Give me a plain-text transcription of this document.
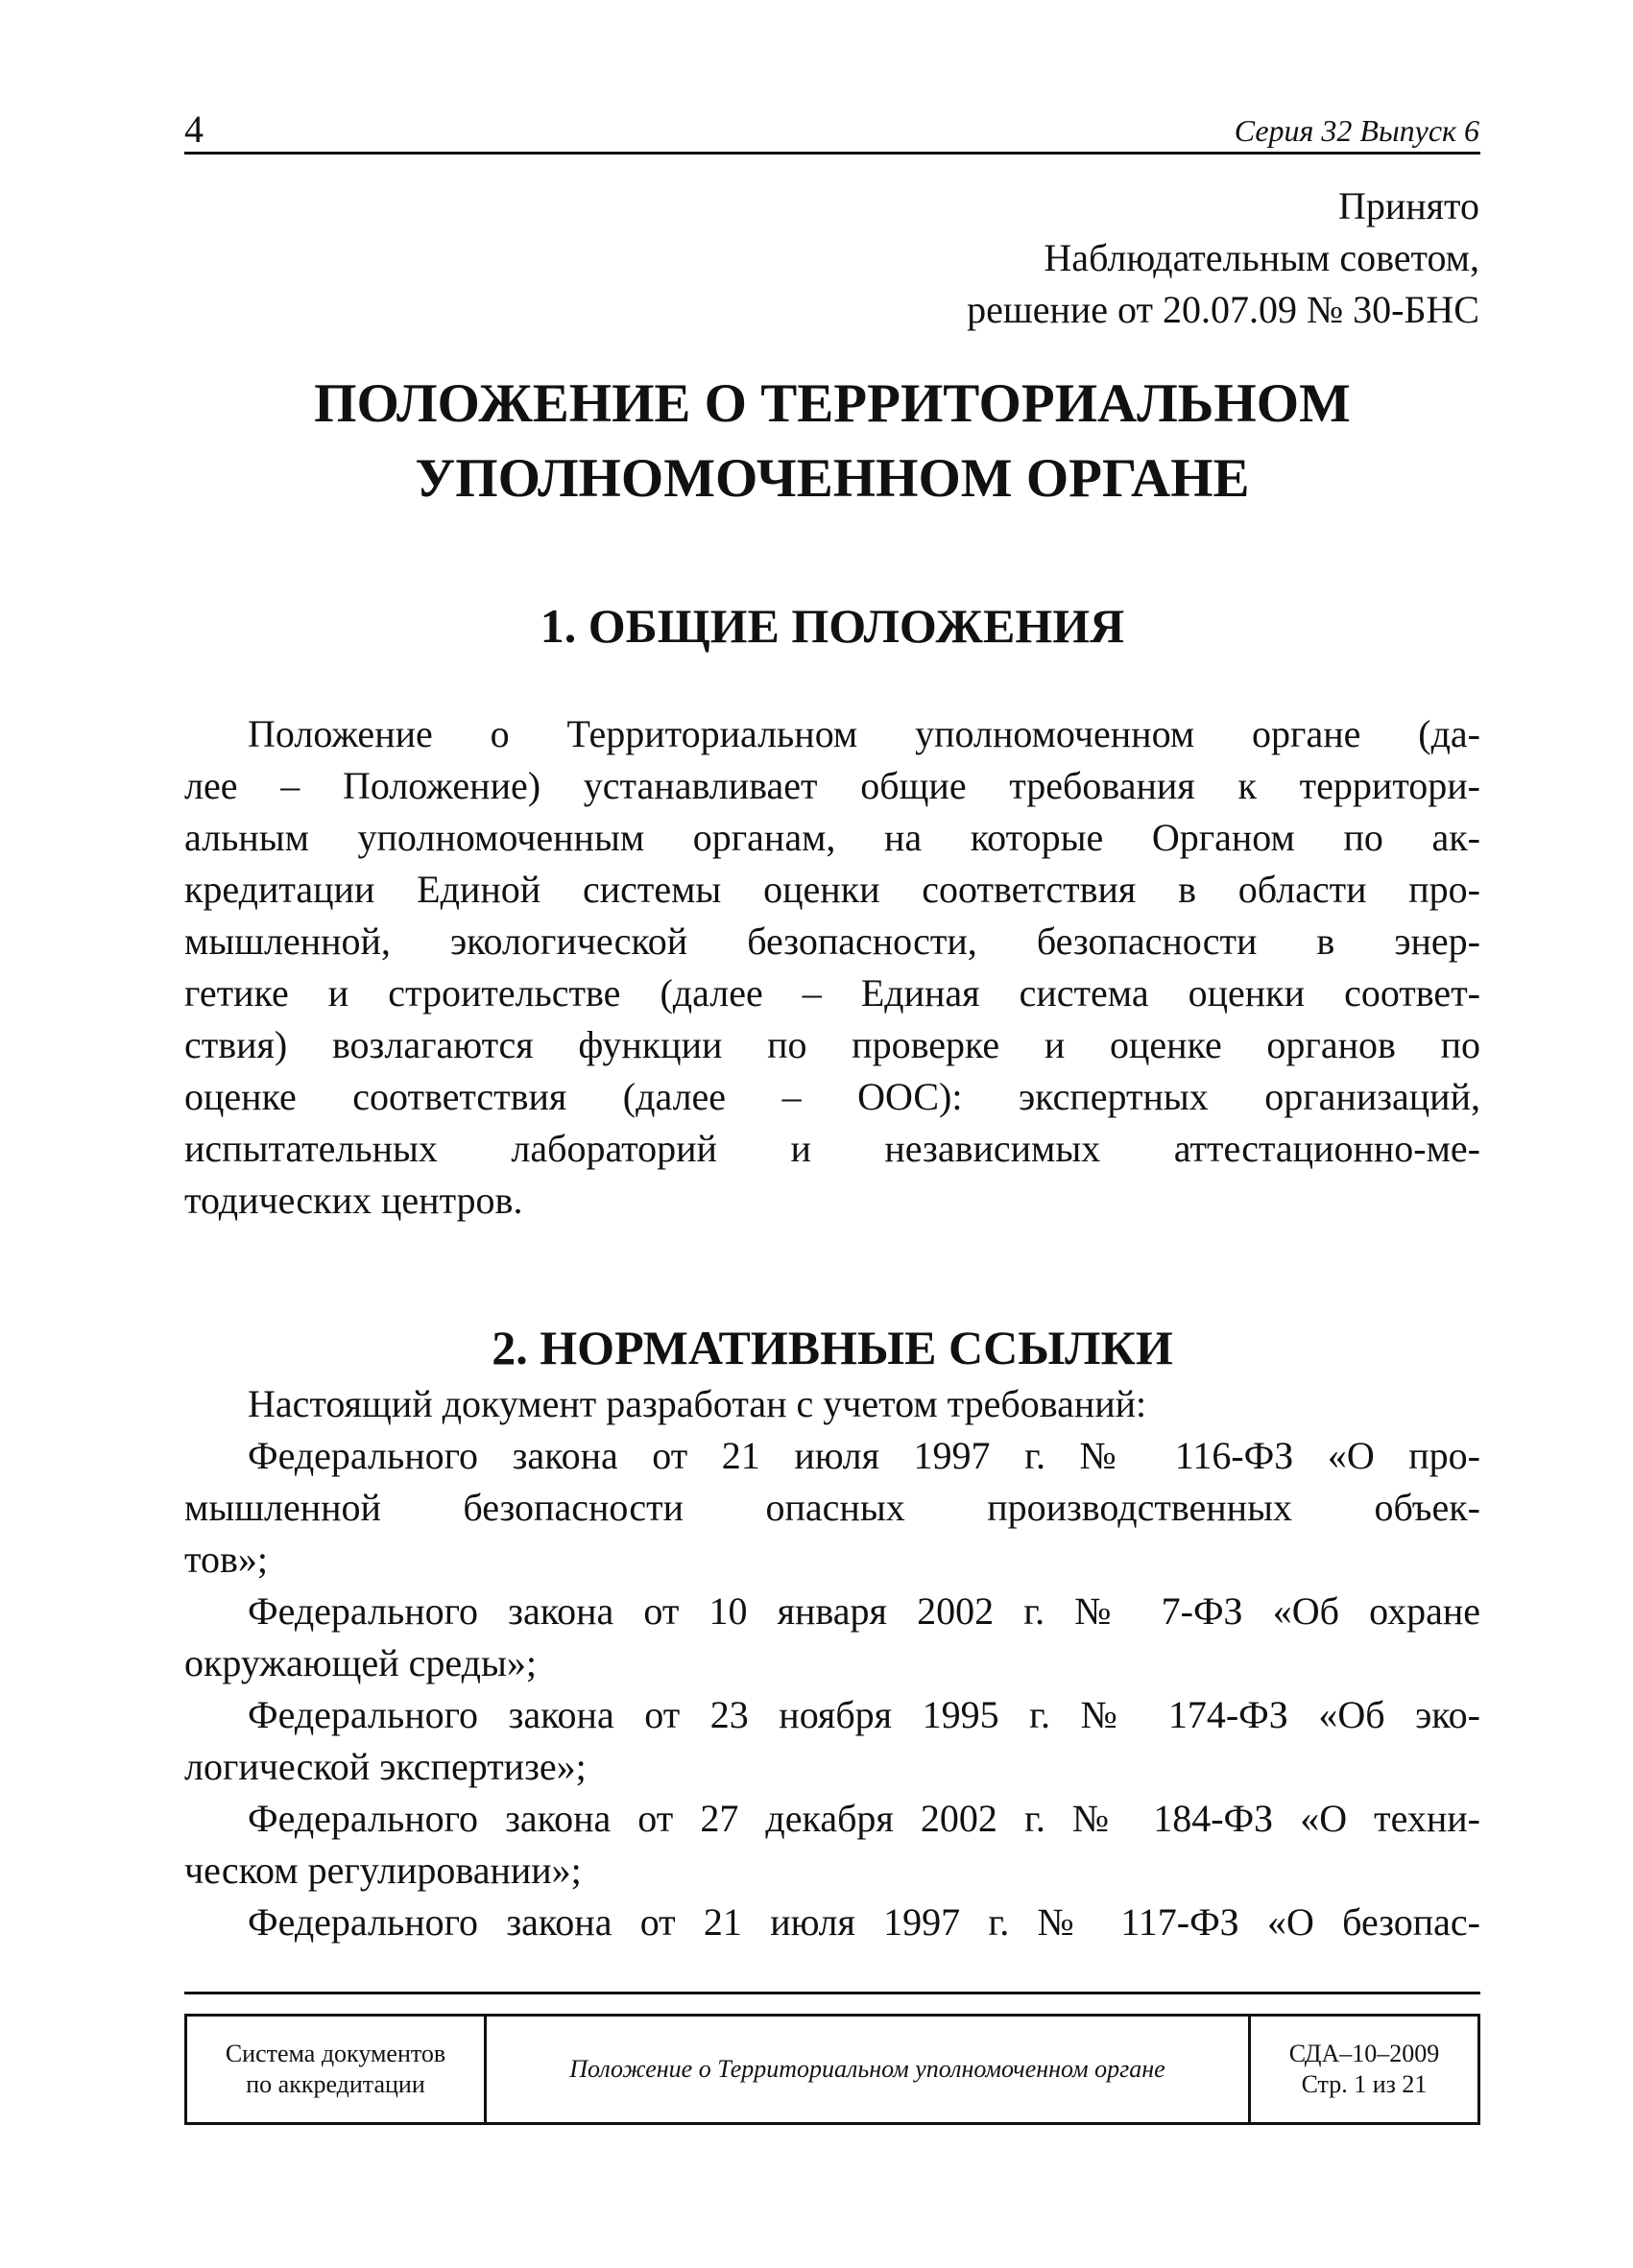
4	Серия 32 Выпуск 6
Принято
Наблюдательным советом,
решение от 20.07.09 № 30-БНС
ПОЛОЖЕНИЕ О ТЕРРИТОРИАЛЬНОМ
УПОЛНОМОЧЕННОМ ОРГАНЕ
1. ОБЩИЕ ПОЛОЖЕНИЯ
Положение о Территориальном уполномоченном органе (да-
лее – Положение) устанавливает общие требования к территори-
альным уполномоченным органам, на которые Органом по ак-
кредитации Единой системы оценки соответствия в области про-
мышленной, экологической безопасности, безопасности в энер-
гетике и строительстве (далее – Единая система оценки соответ-
ствия) возлагаются функции по проверке и оценке органов по
оценке соответствия (далее – ООС): экспертных организаций,
испытательных лабораторий и независимых аттестационно-ме-
тодических центров.
2. НОРМАТИВНЫЕ ССЫЛКИ
Настоящий документ разработан с учетом требований:
Федерального закона от 21 июля 1997 г. № 116-ФЗ «О про-
мышленной безопасности опасных производственных объек-
тов»;
Федерального закона от 10 января 2002 г. № 7-ФЗ «Об охране
окружающей среды»;
Федерального закона от 23 ноября 1995 г. № 174-ФЗ «Об эко-
логической экспертизе»;
Федерального закона от 27 декабря 2002 г. № 184-ФЗ «О техни-
ческом регулировании»;
Федерального закона от 21 июля 1997 г. № 117-ФЗ «О безопас-
Система документов
по аккредитации
Положение о Территориальном уполномоченном органе
СДА–10–2009
Стр. 1 из 21
